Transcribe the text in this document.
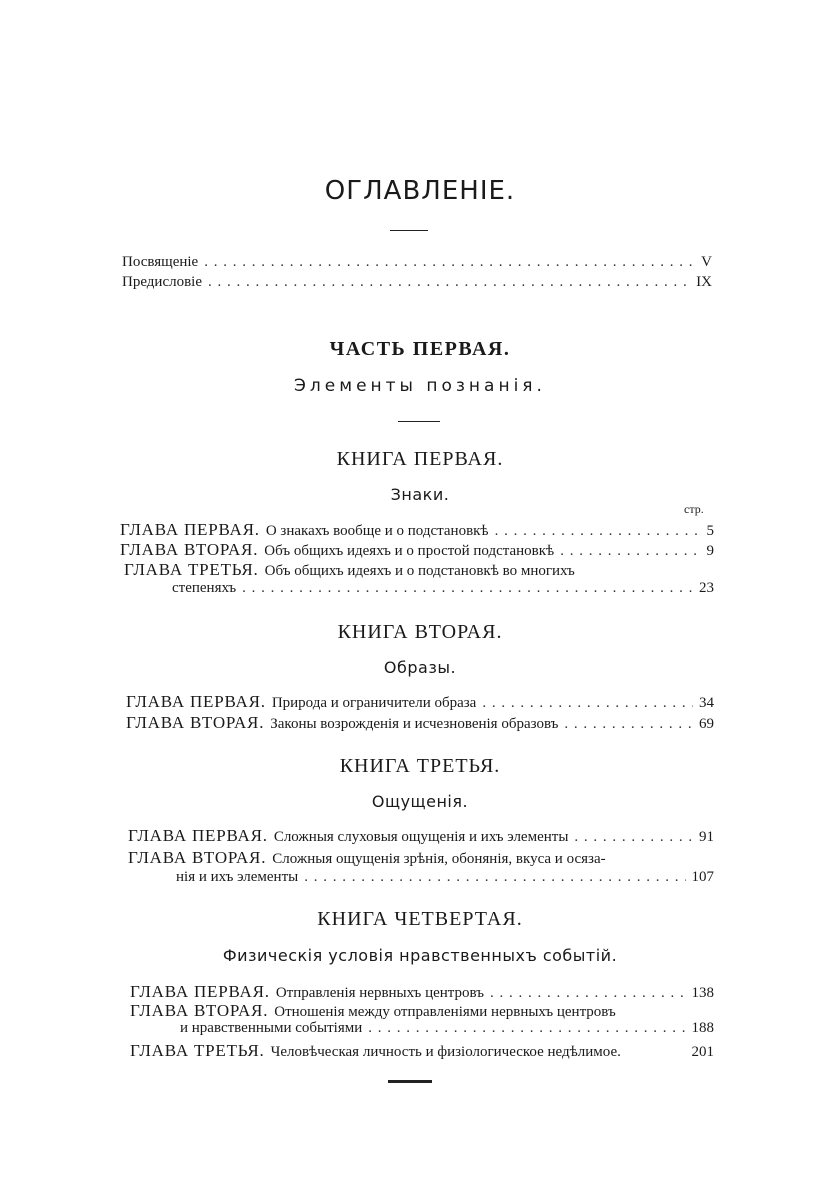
ОГЛАВЛЕНІЕ.
Посвященіе . . .	V
Предисловіе . . .	IX
ЧАСТЬ ПЕРВАЯ.
Элементы познанія.
КНИГА ПЕРВАЯ.
Знаки.
стр.
ГЛАВА ПЕРВАЯ. О знакахъ вообще и о подстановкѣ . . .	5
ГЛАВА ВТОРАЯ. Объ общихъ идеяхъ и о простой подстановкѣ . . .	9
ГЛАВА ТРЕТЬЯ. Объ общихъ идеяхъ и о подстановкѣ во многихъ
степеняхъ . . .	23
КНИГА ВТОРАЯ.
Образы.
ГЛАВА ПЕРВАЯ. Природа и ограничители образа . . .	34
ГЛАВА ВТОРАЯ. Законы возрожденія и исчезновенія образовъ . . .	69
КНИГА ТРЕТЬЯ.
Ощущенія.
ГЛАВА ПЕРВАЯ. Сложныя слуховыя ощущенія и ихъ элементы . . .	91
ГЛАВА ВТОРАЯ. Сложныя ощущенія зрѣнія, обонянія, вкуса и осяза-
нія и ихъ элементы . . .	107
КНИГА ЧЕТВЕРТАЯ.
Физическія условія нравственныхъ событій.
ГЛАВА ПЕРВАЯ. Отправленія нервныхъ центровъ . . .	138
ГЛАВА ВТОРАЯ. Отношенія между отправленіями нервныхъ центровъ
и нравственными событіями . . .	188
ГЛАВА ТРЕТЬЯ. Человѣческая личность и физіологическое недѣлимое.	201
